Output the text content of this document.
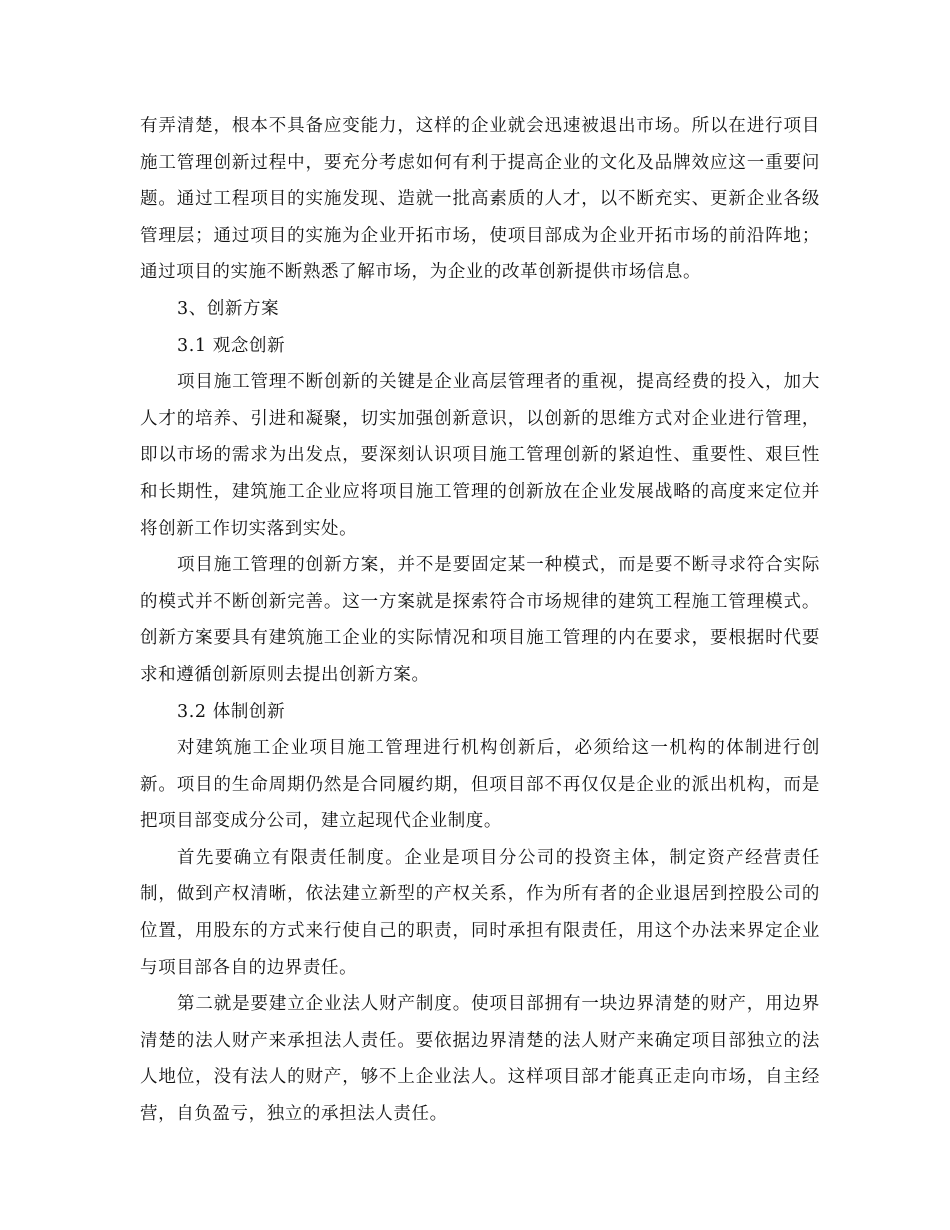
有弄清楚，根本不具备应变能力，这样的企业就会迅速被退出市场。所以在进行项目施工管理创新过程中，要充分考虑如何有利于提高企业的文化及品牌效应这一重要问题。通过工程项目的实施发现、造就一批高素质的人才，以不断充实、更新企业各级管理层；通过项目的实施为企业开拓市场，使项目部成为企业开拓市场的前沿阵地；通过项目的实施不断熟悉了解市场，为企业的改革创新提供市场信息。

3、创新方案

3.1 观念创新

项目施工管理不断创新的关键是企业高层管理者的重视，提高经费的投入，加大人才的培养、引进和凝聚，切实加强创新意识，以创新的思维方式对企业进行管理，即以市场的需求为出发点，要深刻认识项目施工管理创新的紧迫性、重要性、艰巨性和长期性，建筑施工企业应将项目施工管理的创新放在企业发展战略的高度来定位并将创新工作切实落到实处。

项目施工管理的创新方案，并不是要固定某一种模式，而是要不断寻求符合实际的模式并不断创新完善。这一方案就是探索符合市场规律的建筑工程施工管理模式。创新方案要具有建筑施工企业的实际情况和项目施工管理的内在要求，要根据时代要求和遵循创新原则去提出创新方案。

3.2 体制创新

对建筑施工企业项目施工管理进行机构创新后，必须给这一机构的体制进行创新。项目的生命周期仍然是合同履约期，但项目部不再仅仅是企业的派出机构，而是把项目部变成分公司，建立起现代企业制度。

首先要确立有限责任制度。企业是项目分公司的投资主体，制定资产经营责任制，做到产权清晰，依法建立新型的产权关系，作为所有者的企业退居到控股公司的位置，用股东的方式来行使自己的职责，同时承担有限责任，用这个办法来界定企业与项目部各自的边界责任。

第二就是要建立企业法人财产制度。使项目部拥有一块边界清楚的财产，用边界清楚的法人财产来承担法人责任。要依据边界清楚的法人财产来确定项目部独立的法人地位，没有法人的财产，够不上企业法人。这样项目部才能真正走向市场，自主经营，自负盈亏，独立的承担法人责任。
